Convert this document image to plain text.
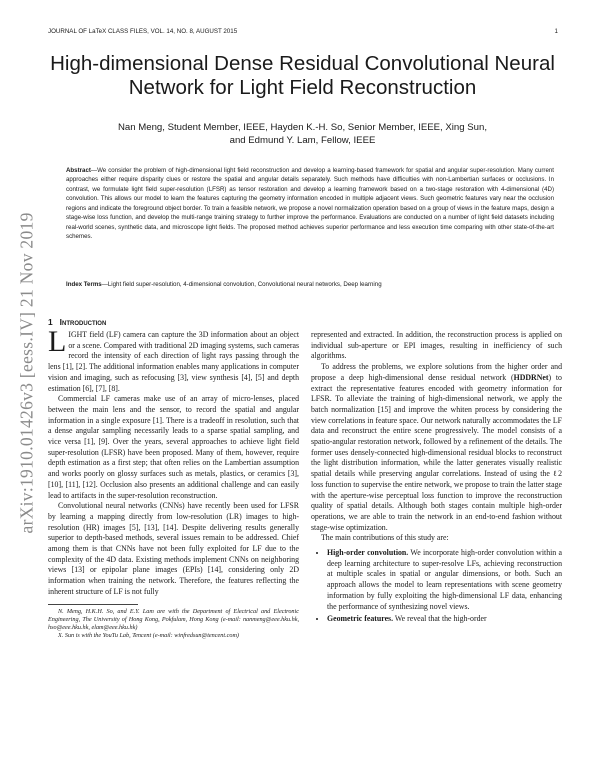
JOURNAL OF LaTeX CLASS FILES, VOL. 14, NO. 8, AUGUST 2015	1
High-dimensional Dense Residual Convolutional Neural Network for Light Field Reconstruction
Nan Meng, Student Member, IEEE, Hayden K.-H. So, Senior Member, IEEE, Xing Sun,
and Edmund Y. Lam, Fellow, IEEE
Abstract—We consider the problem of high-dimensional light field reconstruction and develop a learning-based framework for spatial and angular super-resolution. Many current approaches either require disparity clues or restore the spatial and angular details separately. Such methods have difficulties with non-Lambertian surfaces or occlusions. In contrast, we formulate light field super-resolution (LFSR) as tensor restoration and develop a learning framework based on a two-stage restoration with 4-dimensional (4D) convolution. This allows our model to learn the features capturing the geometry information encoded in multiple adjacent views. Such geometric features vary near the occlusion regions and indicate the foreground object border. To train a feasible network, we propose a novel normalization operation based on a group of views in the feature maps, design a stage-wise loss function, and develop the multi-range training strategy to further improve the performance. Evaluations are conducted on a number of light field datasets including real-world scenes, synthetic data, and microscope light fields. The proposed method achieves superior performance and less execution time comparing with other state-of-the-art schemes.
Index Terms—Light field super-resolution, 4-dimensional convolution, Convolutional neural networks, Deep learning
arXiv:1910.01426v3 [eess.IV] 21 Nov 2019 1 Introduction

LIGHT field (LF) camera can capture the 3D information about an object or a scene. Compared with traditional 2D imaging systems, such cameras record the intensity of each direction of light rays passing through the lens [1], [2]. The additional information enables many applications in computer vision and imaging, such as refocusing [3], view synthesis [4], [5] and depth estimation [6], [7], [8].

Commercial LF cameras make use of an array of micro-lenses, placed between the main lens and the sensor, to record the spatial and angular information in a single exposure [1]. There is a tradeoff in resolution, such that a dense angular sampling necessarily leads to a sparse spatial sampling, and vice versa [1], [9]. Over the years, several approaches to achieve light field super-resolution (LFSR) have been proposed. Many of them, however, require depth estimation as a first step; that often relies on the Lambertian assumption and works poorly on glossy surfaces such as metals, plastics, or ceramics [3], [10], [11], [12]. Occlusion also presents an additional challenge and can easily lead to artifacts in the super-resolution reconstruction.

Convolutional neural networks (CNNs) have recently been used for LFSR by learning a mapping directly from low-resolution (LR) images to high-resolution (HR) images [5], [13], [14]. Despite delivering results generally superior to depth-based methods, several issues remain to be addressed. Chief among them is that CNNs have not been fully exploited for LF due to the complexity of the 4D data. Existing methods implement CNNs on neighboring views [13] or epipolar plane images (EPIs) [14], considering only 2D information when training the network. Therefore, the features reflecting the inherent structure of LF is not fully

N. Meng, H.K.H. So, and E.Y. Lam are with the Department of Electrical and Electronic Engineering, The University of Hong Kong, Pokfulam, Hong Kong (e-mail: nanmeng@eee.hku.hk, hso@eee.hku.hk, elam@eee.hku.hk)

X. Sun is with the YouTu Lab, Tencent (e-mail: winfredsun@tencent.com)

represented and extracted. In addition, the reconstruction process is applied on individual sub-aperture or EPI images, resulting in inefficiency of such algorithms.

To address the problems, we explore solutions from the higher order and propose a deep high-dimensional dense residual network (HDDRNet) to extract the representative features encoded with geometry information for LFSR. To alleviate the training of high-dimensional network, we apply the batch normalization [15] and improve the whiten process by considering the view correlations in feature space. Our network naturally accommodates the LF data and reconstruct the entire scene progressively. The model consists of a spatio-angular restoration network, followed by a refinement of the details. The former uses densely-connected high-dimensional residual blocks to reconstruct the light distribution information, while the latter generates visually realistic spatial details while preserving angular correlations. Instead of using the ℓ2 loss function to supervise the entire network, we propose to train the latter stage with the aperture-wise perceptual loss function to improve the reconstruction quality of spatial details. Although both stages contain multiple high-order operations, we are able to train the network in an end-to-end fashion without stage-wise optimization.

The main contributions of this study are:

• High-order convolution. We incorporate high-order convolution within a deep learning architecture to super-resolve LFs, achieving reconstruction at multiple scales in spatial or angular dimensions, or both. Such an approach allows the model to learn representations with scene geometry information by fully exploiting the high-dimensional LF data, enhancing the performance of synthesizing novel views.
• Geometric features. We reveal that the high-order
